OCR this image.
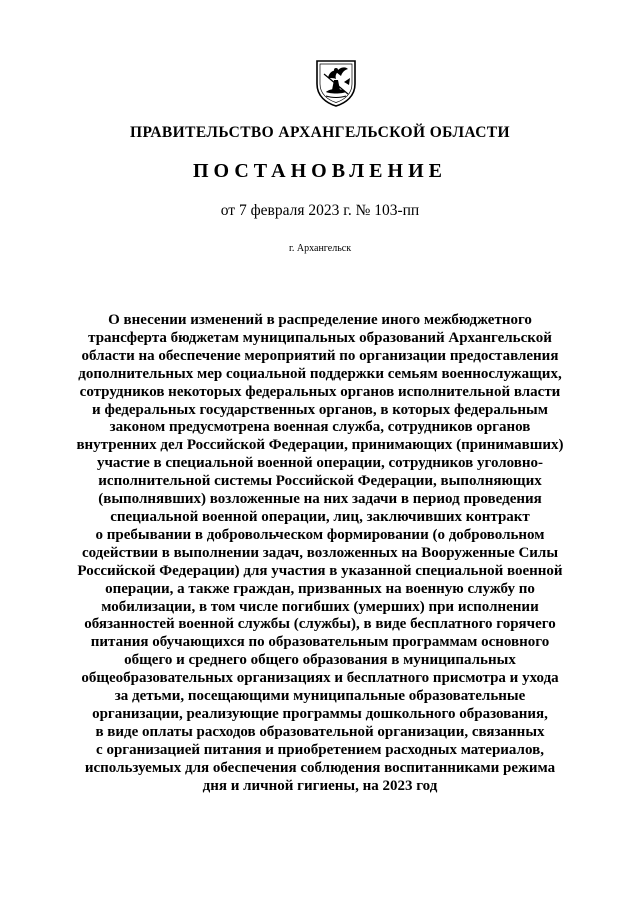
ПРАВИТЕЛЬСТВО АРХАНГЕЛЬСКОЙ ОБЛАСТИ
ПОСТАНОВЛЕНИЕ
от 7 февраля 2023 г. № 103-пп
г. Архангельск
О внесении изменений в распределение иного межбюджетного
трансферта бюджетам муниципальных образований Архангельской
области на обеспечение мероприятий по организации предоставления
дополнительных мер социальной поддержки семьям военнослужащих,
сотрудников некоторых федеральных органов исполнительной власти
и федеральных государственных органов, в которых федеральным
законом предусмотрена военная служба, сотрудников органов
внутренних дел Российской Федерации, принимающих (принимавших)
участие в специальной военной операции, сотрудников уголовно-
исполнительной системы Российской Федерации, выполняющих
(выполнявших) возложенные на них задачи в период проведения
специальной военной операции, лиц, заключивших контракт
о пребывании в добровольческом формировании (о добровольном
содействии в выполнении задач, возложенных на Вооруженные Силы
Российской Федерации) для участия в указанной специальной военной
операции, а также граждан, призванных на военную службу по
мобилизации, в том числе погибших (умерших) при исполнении
обязанностей военной службы (службы), в виде бесплатного горячего
питания обучающихся по образовательным программам основного
общего и среднего общего образования в муниципальных
общеобразовательных организациях и бесплатного присмотра и ухода
за детьми, посещающими муниципальные образовательные
организации, реализующие программы дошкольного образования,
в виде оплаты расходов образовательной организации, связанных
с организацией питания и приобретением расходных материалов,
используемых для обеспечения соблюдения воспитанниками режима
дня и личной гигиены, на 2023 год
